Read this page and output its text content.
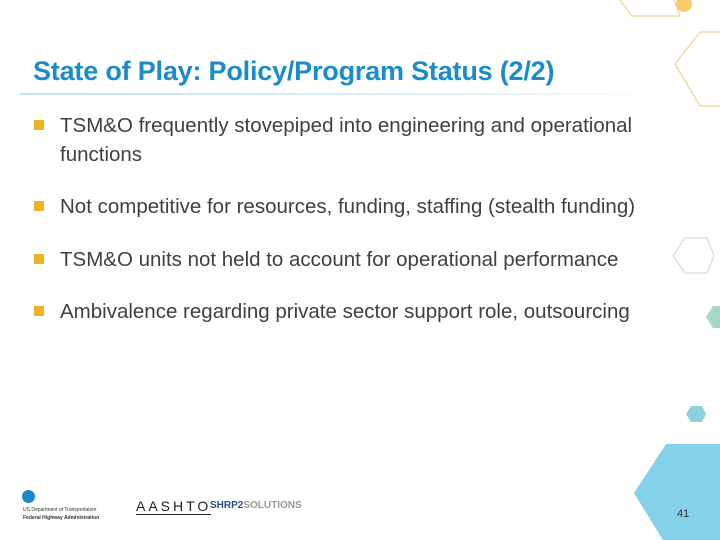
State of Play: Policy/Program Status (2/2)
TSM&O frequently stovepiped into engineering and operational functions
Not competitive for resources, funding, staffing (stealth funding)
TSM&O units not held to account for operational performance
Ambivalence regarding private sector support role, outsourcing
US Department of Transportation
Federal Highway Administration
AASHTO
SHRP2SOLUTIONS
41
